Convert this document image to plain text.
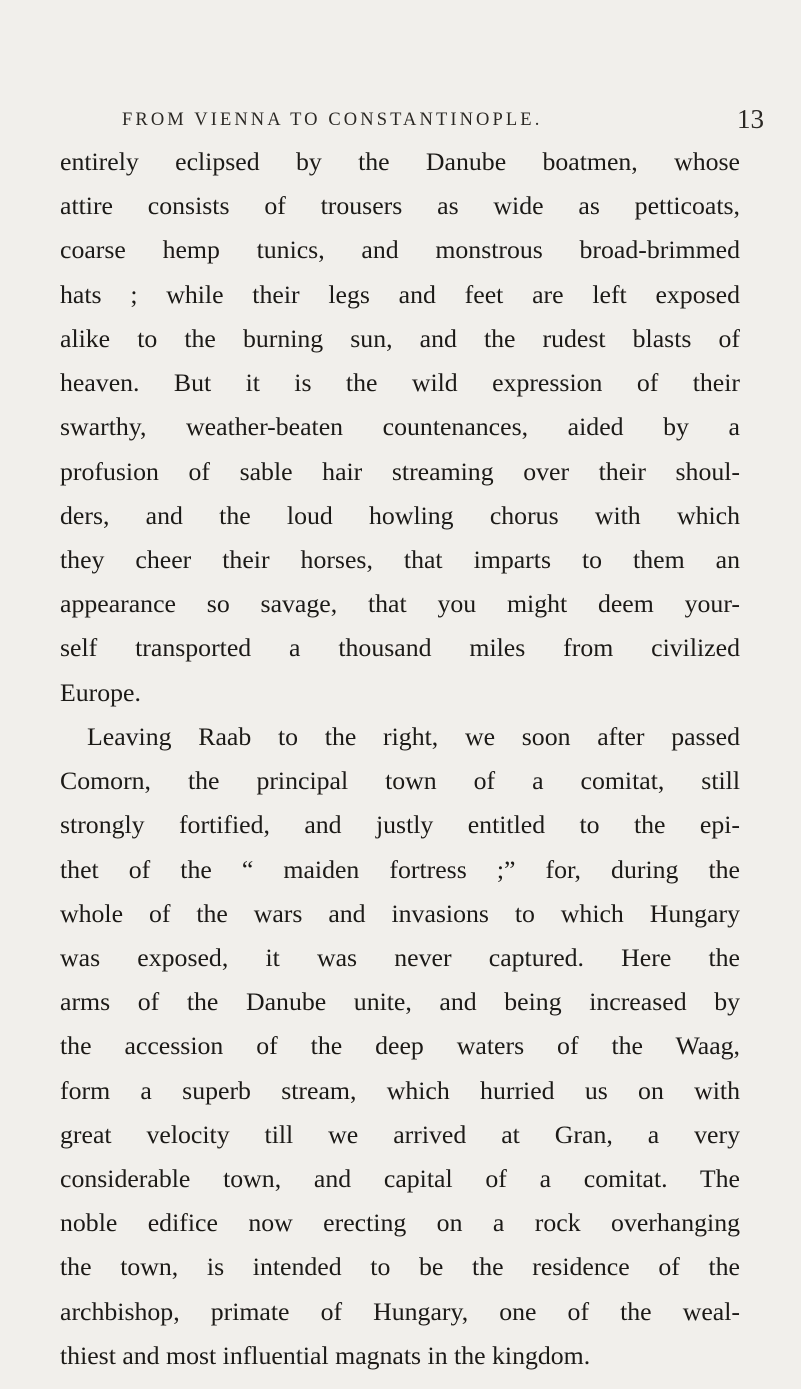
FROM VIENNA TO CONSTANTINOPLE.	13
entirely eclipsed by the Danube boatmen, whose
attire consists of trousers as wide as petticoats,
coarse hemp tunics, and monstrous broad-brimmed
hats ; while their legs and feet are left exposed
alike to the burning sun, and the rudest blasts of
heaven. But it is the wild expression of their
swarthy, weather-beaten countenances, aided by a
profusion of sable hair streaming over their shoul-
ders, and the loud howling chorus with which
they cheer their horses, that imparts to them an
appearance so savage, that you might deem your-
self transported a thousand miles from civilized
Europe.
Leaving Raab to the right, we soon after passed
Comorn, the principal town of a comitat, still
strongly fortified, and justly entitled to the epi-
thet of the “ maiden fortress ;” for, during the
whole of the wars and invasions to which Hungary
was exposed, it was never captured. Here the
arms of the Danube unite, and being increased by
the accession of the deep waters of the Waag,
form a superb stream, which hurried us on with
great velocity till we arrived at Gran, a very
considerable town, and capital of a comitat. The
noble edifice now erecting on a rock overhanging
the town, is intended to be the residence of the
archbishop, primate of Hungary, one of the weal-
thiest and most influential magnats in the kingdom.
